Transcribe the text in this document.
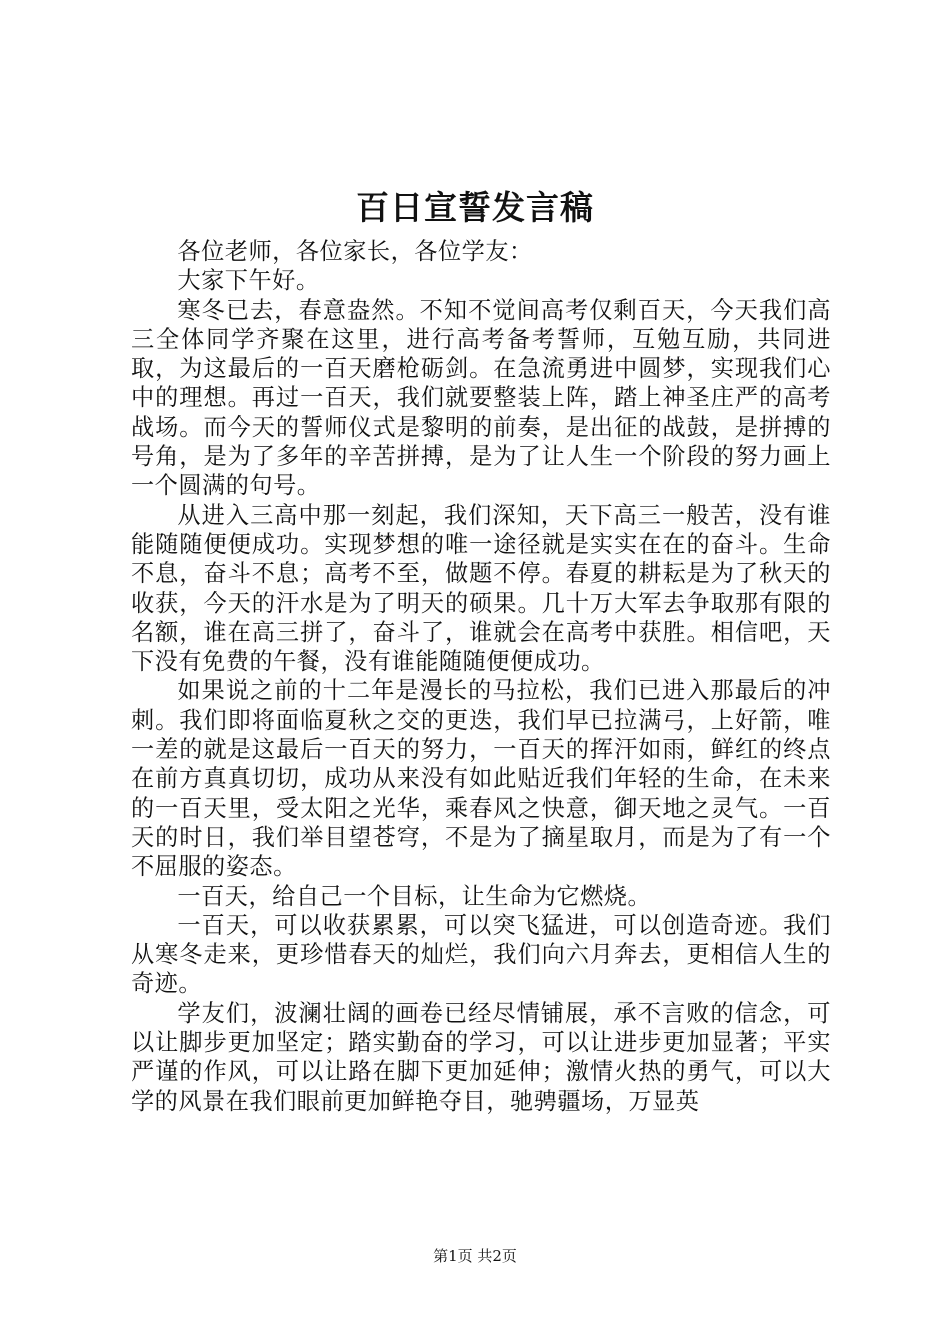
百日宣誓发言稿

各位老师，各位家长，各位学友：

大家下午好。

寒冬已去，春意盎然。不知不觉间高考仅剩百天，今天我们高三全体同学齐聚在这里，进行高考备考誓师，互勉互励，共同进取，为这最后的一百天磨枪砺剑。在急流勇进中圆梦，实现我们心中的理想。再过一百天，我们就要整装上阵，踏上神圣庄严的高考战场。而今天的誓师仪式是黎明的前奏，是出征的战鼓，是拼搏的号角，是为了多年的辛苦拼搏，是为了让人生一个阶段的努力画上一个圆满的句号。

从进入三高中那一刻起，我们深知，天下高三一般苦，没有谁能随随便便成功。实现梦想的唯一途径就是实实在在的奋斗。生命不息，奋斗不息；高考不至，做题不停。春夏的耕耘是为了秋天的收获，今天的汗水是为了明天的硕果。几十万大军去争取那有限的名额，谁在高三拼了，奋斗了，谁就会在高考中获胜。相信吧，天下没有免费的午餐，没有谁能随随便便成功。

如果说之前的十二年是漫长的马拉松，我们已进入那最后的冲刺。我们即将面临夏秋之交的更迭，我们早已拉满弓，上好箭，唯一差的就是这最后一百天的努力，一百天的挥汗如雨，鲜红的终点在前方真真切切，成功从来没有如此贴近我们年轻的生命，在未来的一百天里，受太阳之光华，乘春风之快意，御天地之灵气。一百天的时日，我们举目望苍穹，不是为了摘星取月，而是为了有一个不屈服的姿态。

一百天，给自己一个目标，让生命为它燃烧。

一百天，可以收获累累，可以突飞猛进，可以创造奇迹。我们从寒冬走来，更珍惜春天的灿烂，我们向六月奔去，更相信人生的奇迹。

学友们，波澜壮阔的画卷已经尽情铺展，承不言败的信念，可以让脚步更加坚定；踏实勤奋的学习，可以让进步更加显著；平实严谨的作风，可以让路在脚下更加延伸；激情火热的勇气，可以大学的风景在我们眼前更加鲜艳夺目，驰骋疆场，万显英

第1页 共2页
